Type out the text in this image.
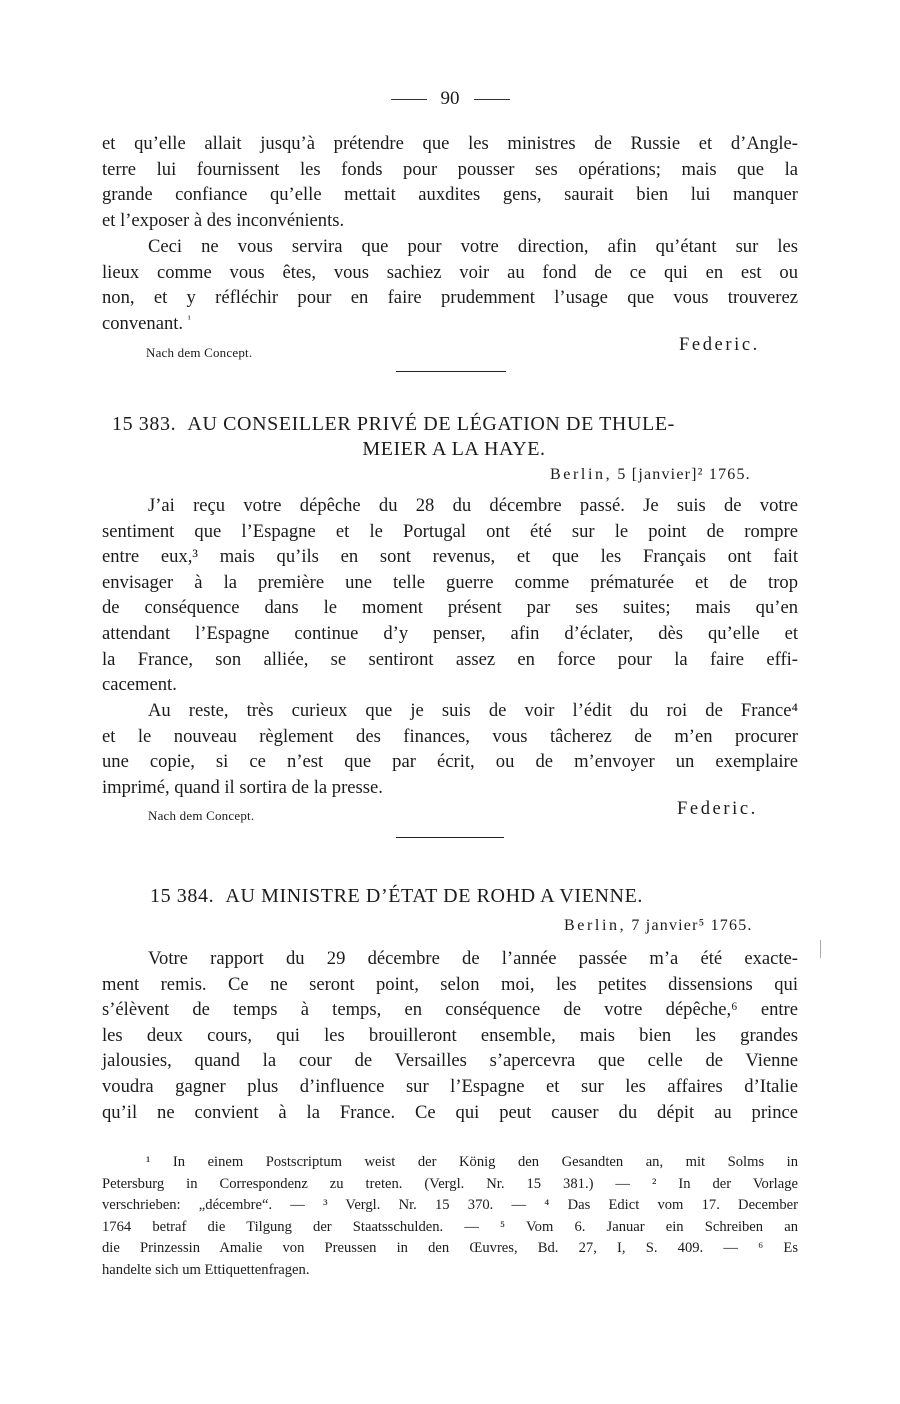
90
et qu’elle allait jusqu’à prétendre que les ministres de Russie et d’Angle-
terre lui fournissent les fonds pour pousser ses opérations; mais que la
grande confiance qu’elle mettait auxdites gens, saurait bien lui manquer
et l’exposer à des inconvénients.
Ceci ne vous servira que pour votre direction, afin qu’étant sur les
lieux comme vous êtes, vous sachiez voir au fond de ce qui en est ou
non, et y réfléchir pour en faire prudemment l’usage que vous trouverez
convenant. $^{^1}$
Nach dem Concept.	Federic.
15 383. AU CONSEILLER PRIVÉ DE LÉGATION DE THULE-
MEIER A LA HAYE.
Berlin, 5 [janvier]² 1765.
J’ai reçu votre dépêche du 28 du décembre passé. Je suis de votre
sentiment que l’Espagne et le Portugal ont été sur le point de rompre
entre eux,³ mais qu’ils en sont revenus, et que les Français ont fait
envisager à la première une telle guerre comme prématurée et de trop
de conséquence dans le moment présent par ses suites; mais qu’en
attendant l’Espagne continue d’y penser, afin d’éclater, dès qu’elle et
la France, son alliée, se sentiront assez en force pour la faire effi-
cacement.
Au reste, très curieux que je suis de voir l’édit du roi de France⁴
et le nouveau règlement des finances, vous tâcherez de m’en procurer
une copie, si ce n’est que par écrit, ou de m’envoyer un exemplaire
imprimé, quand il sortira de la presse.
Nach dem Concept.	Federic.
15 384. AU MINISTRE D’ÉTAT DE ROHD A VIENNE.
Berlin, 7 janvier⁵ 1765.
Votre rapport du 29 décembre de l’année passée m’a été exacte-
ment remis. Ce ne seront point, selon moi, les petites dissensions qui
s’élèvent de temps à temps, en conséquence de votre dépêche,⁶ entre
les deux cours, qui les brouilleront ensemble, mais bien les grandes
jalousies, quand la cour de Versailles s’apercevra que celle de Vienne
voudra gagner plus d’influence sur l’Espagne et sur les affaires d’Italie
qu’il ne convient à la France. Ce qui peut causer du dépit au prince
¹ In einem Postscriptum weist der König den Gesandten an, mit Solms in
Petersburg in Correspondenz zu treten. (Vergl. Nr. 15 381.) — ² In der Vorlage
verschrieben: „décembre“. — ³ Vergl. Nr. 15 370. — ⁴ Das Edict vom 17. December
1764 betraf die Tilgung der Staatsschulden. — ⁵ Vom 6. Januar ein Schreiben an
die Prinzessin Amalie von Preussen in den Œuvres, Bd. 27, I, S. 409. — ⁶ Es
handelte sich um Ettiquettenfragen.
